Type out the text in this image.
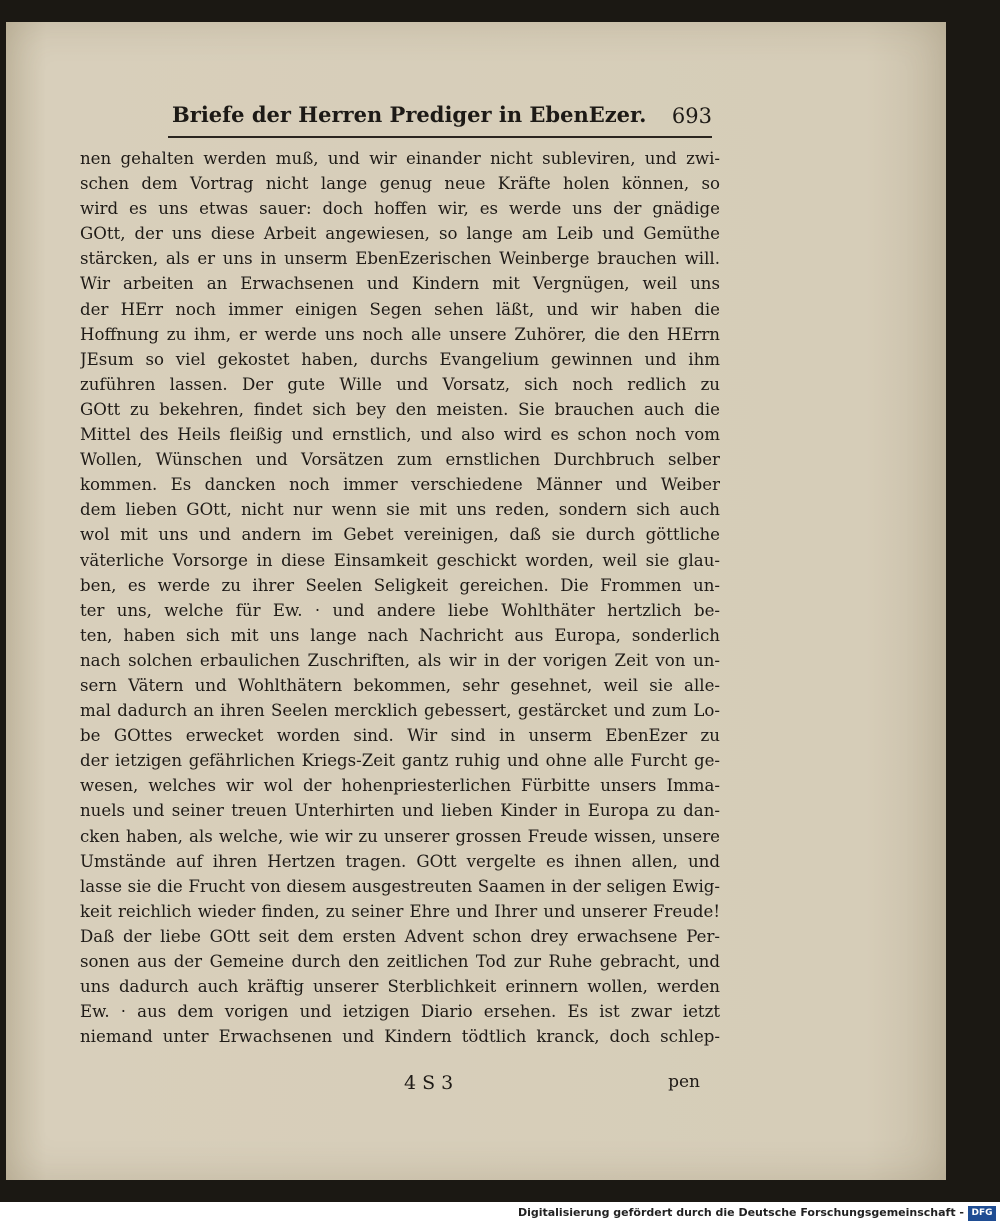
Briefe der Herren Prediger in EbenEzer. 693
nen gehalten werden muß, und wir einander nicht subleviren, und zwi-
schen dem Vortrag nicht lange genug neue Kräfte holen können, so
wird es uns etwas sauer: doch hoffen wir, es werde uns der gnädige
GOtt, der uns diese Arbeit angewiesen, so lange am Leib und Gemüthe
stärcken, als er uns in unserm EbenEzerischen Weinberge brauchen will.
Wir arbeiten an Erwachsenen und Kindern mit Vergnügen, weil uns
der HErr noch immer einigen Segen sehen läßt, und wir haben die
Hoffnung zu ihm, er werde uns noch alle unsere Zuhörer, die den HErrn
JEsum so viel gekostet haben, durchs Evangelium gewinnen und ihm
zuführen lassen. Der gute Wille und Vorsatz, sich noch redlich zu
GOtt zu bekehren, findet sich bey den meisten. Sie brauchen auch die
Mittel des Heils fleißig und ernstlich, und also wird es schon noch vom
Wollen, Wünschen und Vorsätzen zum ernstlichen Durchbruch selber
kommen. Es dancken noch immer verschiedene Männer und Weiber
dem lieben GOtt, nicht nur wenn sie mit uns reden, sondern sich auch
wol mit uns und andern im Gebet vereinigen, daß sie durch göttliche
väterliche Vorsorge in diese Einsamkeit geschickt worden, weil sie glau-
ben, es werde zu ihrer Seelen Seligkeit gereichen. Die Frommen un-
ter uns, welche für Ew. ‧ und andere liebe Wohlthäter hertzlich be-
ten, haben sich mit uns lange nach Nachricht aus Europa, sonderlich
nach solchen erbaulichen Zuschriften, als wir in der vorigen Zeit von un-
sern Vätern und Wohlthätern bekommen, sehr gesehnet, weil sie alle-
mal dadurch an ihren Seelen mercklich gebessert, gestärcket und zum Lo-
be GOttes erwecket worden sind. Wir sind in unserm EbenEzer zu
der ietzigen gefährlichen Kriegs-Zeit gantz ruhig und ohne alle Furcht ge-
wesen, welches wir wol der hohenpriesterlichen Fürbitte unsers Imma-
nuels und seiner treuen Unterhirten und lieben Kinder in Europa zu dan-
cken haben, als welche, wie wir zu unserer grossen Freude wissen, unsere
Umstände auf ihren Hertzen tragen. GOtt vergelte es ihnen allen, und
lasse sie die Frucht von diesem ausgestreuten Saamen in der seligen Ewig-
keit reichlich wieder finden, zu seiner Ehre und Ihrer und unserer Freude!
Daß der liebe GOtt seit dem ersten Advent schon drey erwachsene Per-
sonen aus der Gemeine durch den zeitlichen Tod zur Ruhe gebracht, und
uns dadurch auch kräftig unserer Sterblichkeit erinnern wollen, werden
Ew. ‧ aus dem vorigen und ietzigen Diario ersehen. Es ist zwar ietzt
niemand unter Erwachsenen und Kindern tödtlich kranck, doch schlep-
4 S 3	pen
Digitalisierung gefördert durch die Deutsche Forschungsgemeinschaft - DFG
